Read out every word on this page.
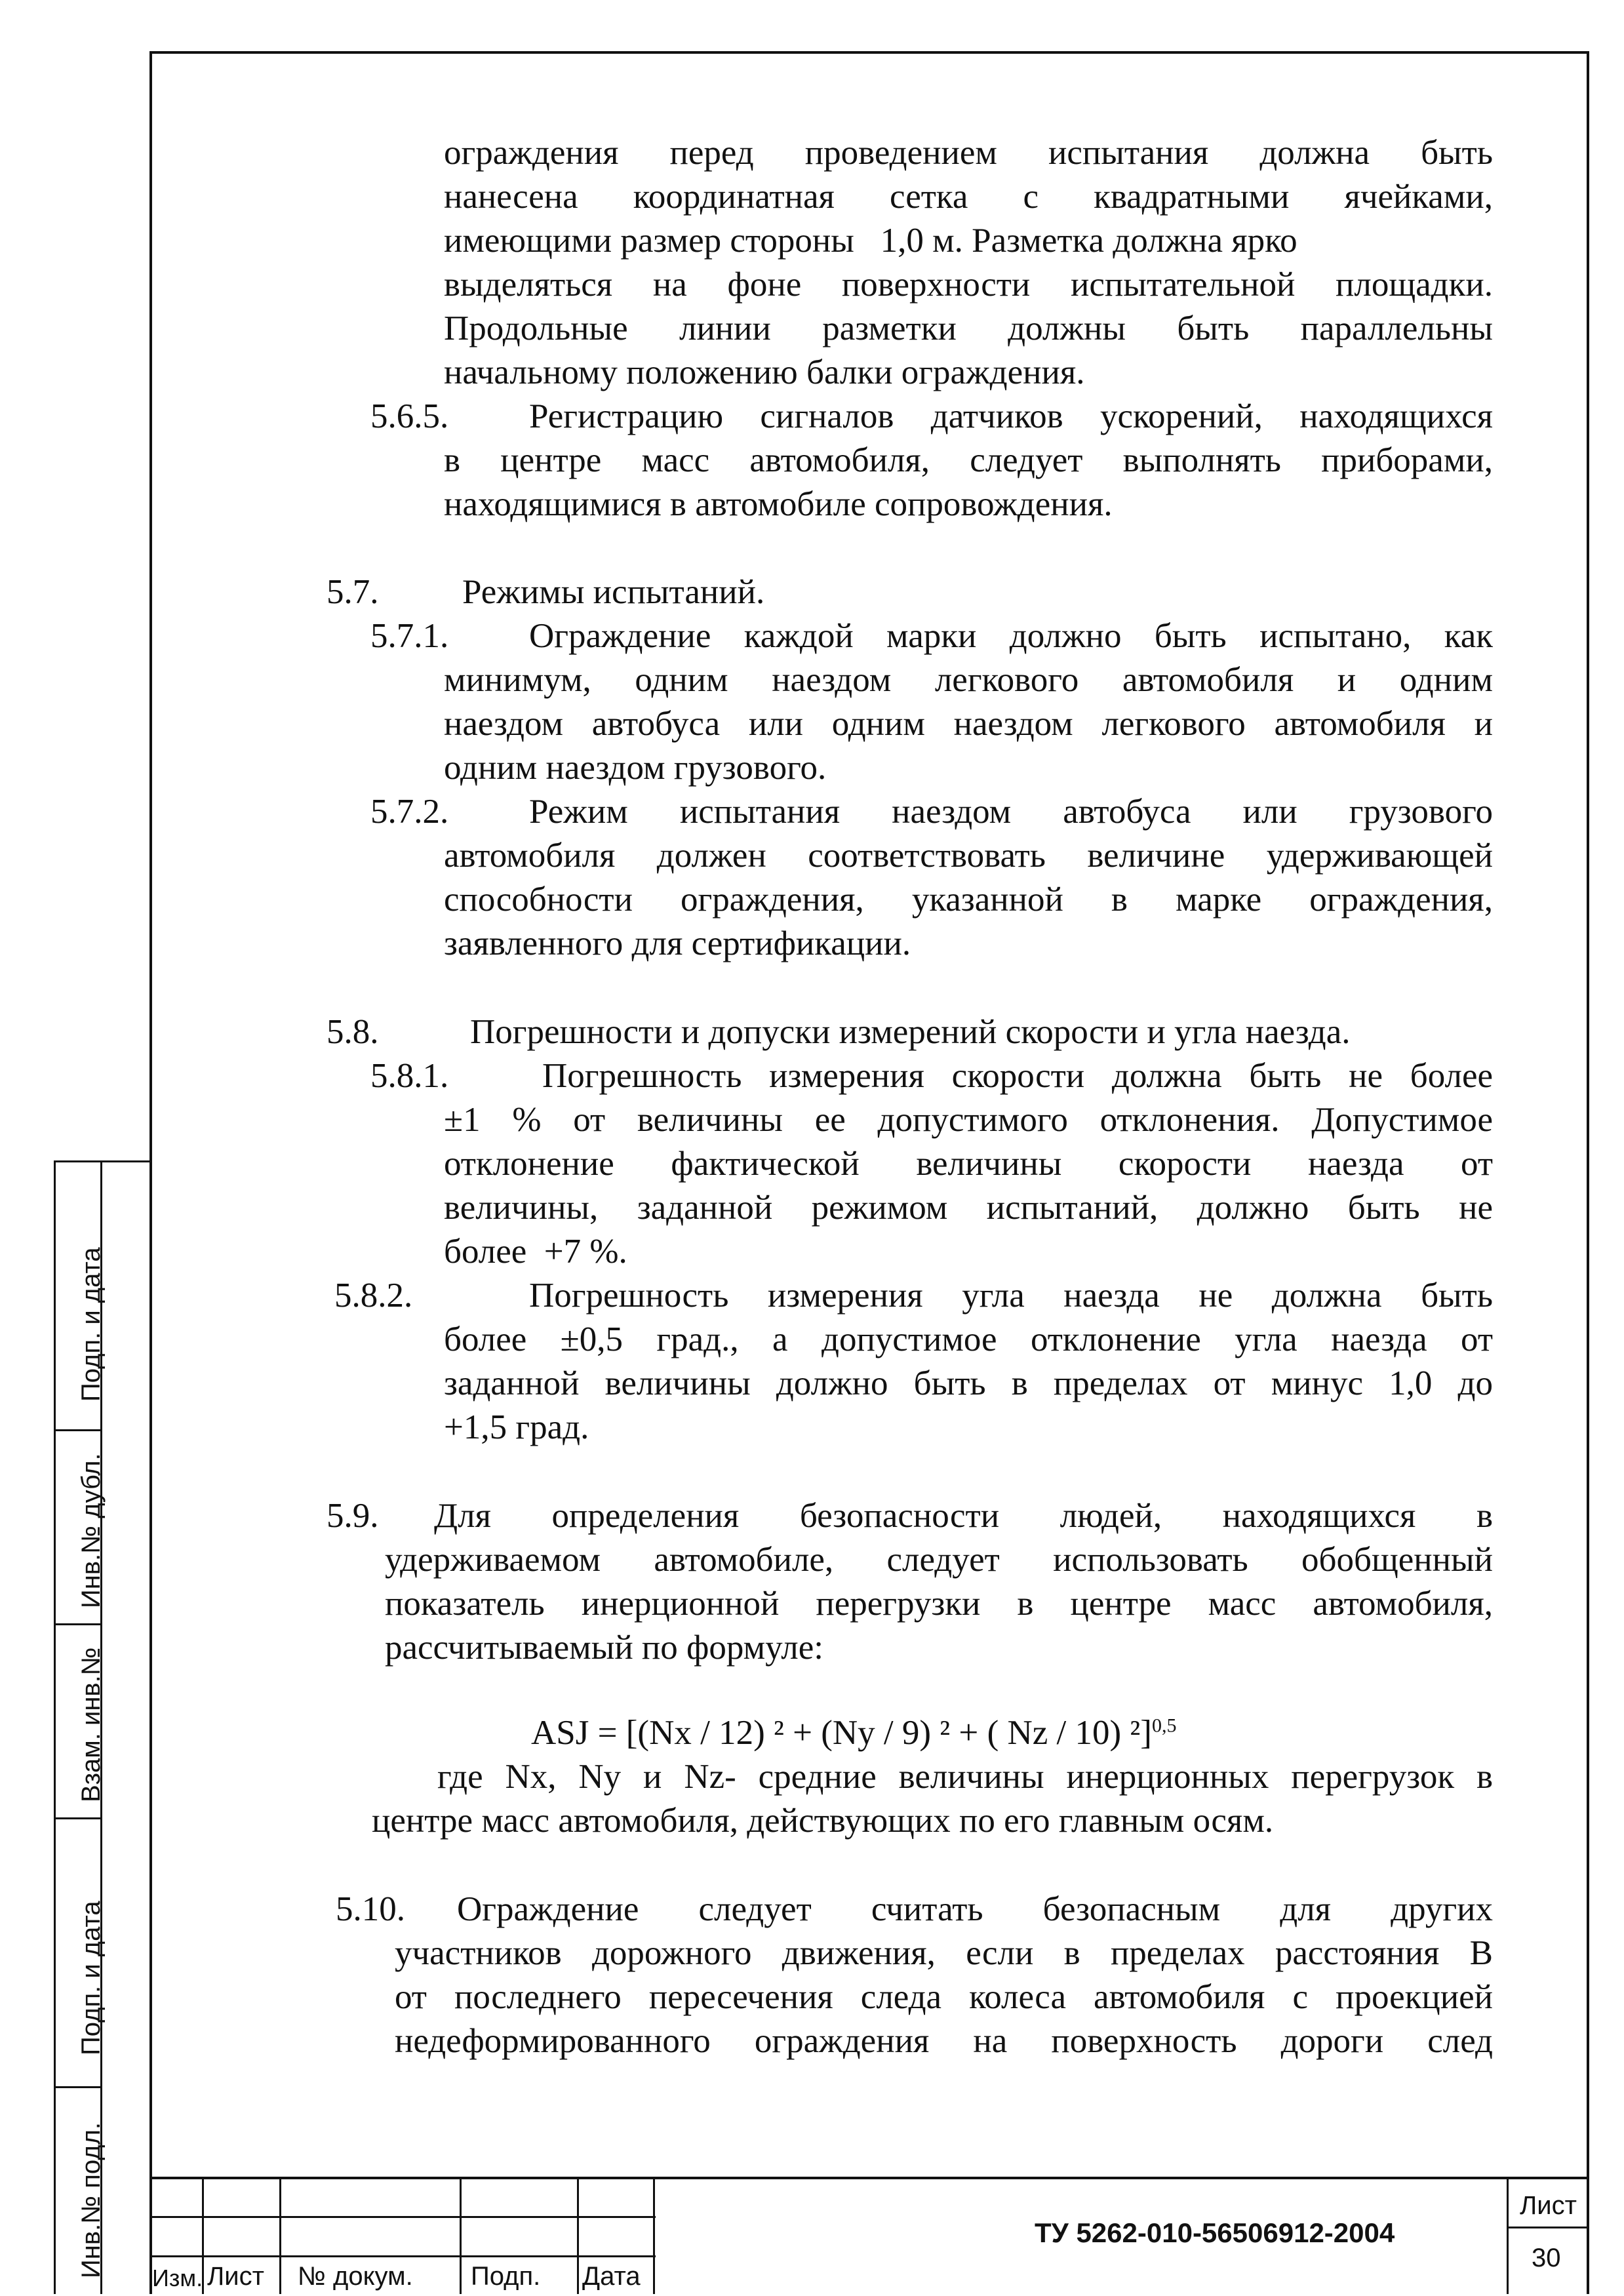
ограждения перед проведением испытания должна быть
нанесена координатная сетка с квадратными ячейками,
имеющими размер стороны   1,0 м. Разметка должна ярко
выделяться на фоне поверхности испытательной площадки.
Продольные линии разметки должны быть параллельны
начальному положению балки ограждения.
5.6.5. Регистрацию сигналов датчиков ускорений, находящихся
в центре масс автомобиля, следует выполнять приборами,
находящимися в автомобиле сопровождения.
5.7. Режимы испытаний.
5.7.1. Ограждение каждой марки должно быть испытано, как
минимум, одним наездом легкового автомобиля и одним
наездом автобуса или одним наездом легкового автомобиля и
одним наездом грузового.
5.7.2. Режим испытания наездом автобуса или грузового
автомобиля должен соответствовать величине удерживающей
способности ограждения, указанной в марке ограждения,
заявленного для сертификации.
5.8.	Погрешности и допуски измерений скорости и угла наезда.
5.8.1.	Погрешность измерения скорости должна быть не более
±1 % от величины ее допустимого отклонения. Допустимое
отклонение фактической величины скорости наезда от
величины, заданной режимом испытаний, должно быть не
более  +7 %.
5.8.2.	Погрешность измерения угла наезда не должна быть
более ±0,5 град., а допустимое отклонение угла наезда от
заданной величины должно быть в пределах от минус 1,0 до
+1,5 град.
5.9. Для определения безопасности людей, находящихся в
удерживаемом автомобиле, следует использовать обобщенный
показатель инерционной перегрузки в центре масс автомобиля,
рассчитываемый по формуле:
ASJ = [(Nx / 12) ² + (Ny / 9) ² + ( Nz / 10) ²]$^{0,5}$
где Nx, Ny и Nz- средние величины инерционных перегрузок в
центре масс автомобиля, действующих по его главным осям.
5.10. Ограждение следует считать безопасным для других
участников дорожного движения, если в пределах расстояния В
от последнего пересечения следа колеса автомобиля с проекцией
недеформированного ограждения на поверхность дороги след
Подп. и дата
Инв.№ дубл.
Взам. инв.№
Подп. и дата
Инв.№ подл. Изм. Лист № докум. Подп. Дата
ТУ 5262-010-56506912-2004
Лист
30
